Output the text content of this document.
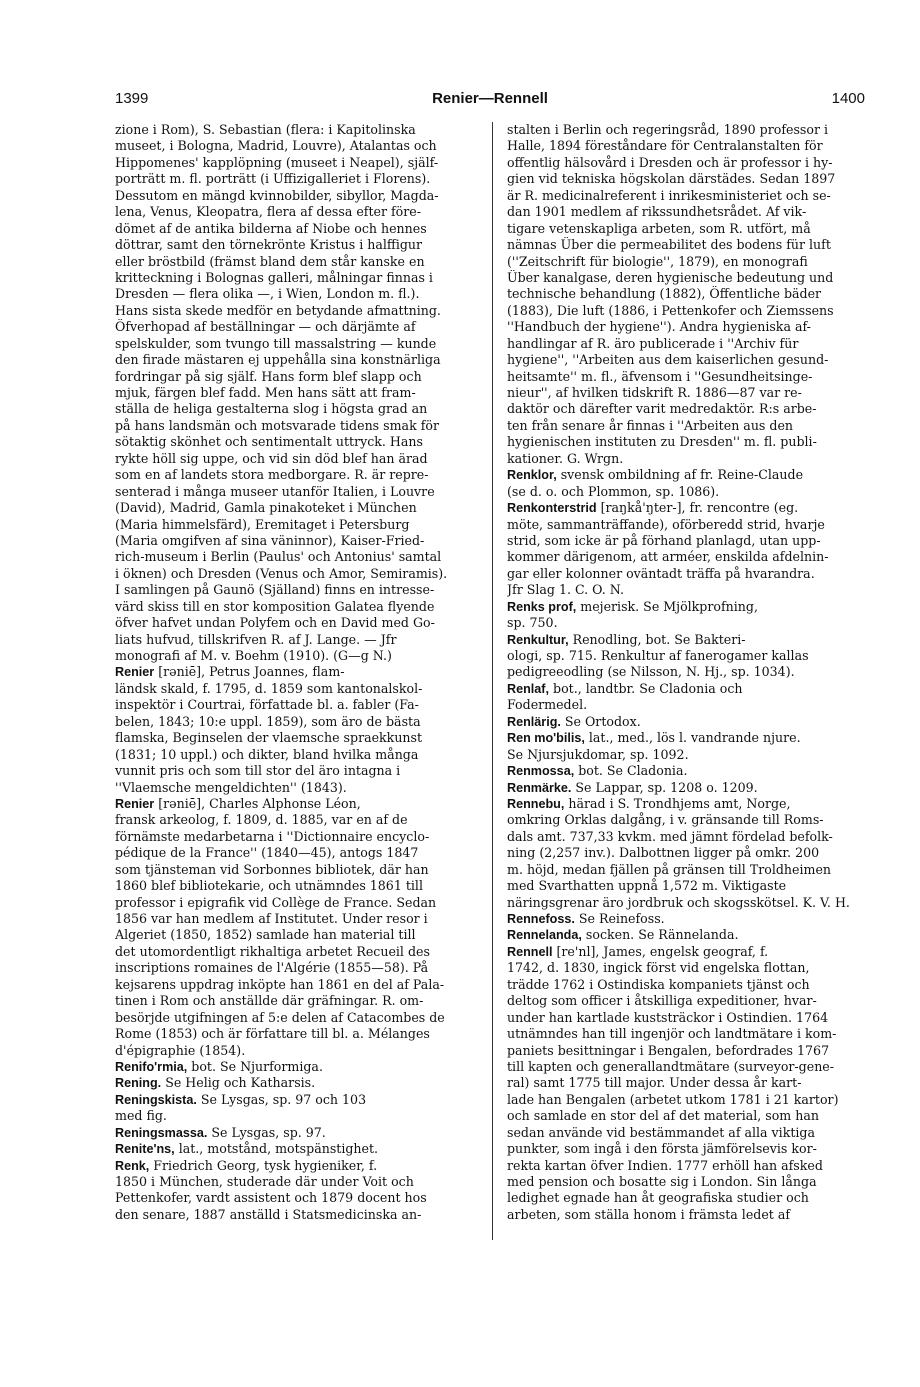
1399	Renier—Rennell	1400
zione i Rom), S. Sebastian (flera: i Kapitolinska
museet, i Bologna, Madrid, Louvre), Atalantas och
Hippomenes' kapplöpning (museet i Neapel), själf-
porträtt m. fl. porträtt (i Uffizigalleriet i Florens).
Dessutom en mängd kvinnobilder, sibyllor, Magda-
lena, Venus, Kleopatra, flera af dessa efter före-
dömet af de antika bilderna af Niobe och hennes
döttrar, samt den törnekrönte Kristus i halffigur
eller bröstbild (främst bland dem står kanske en
kritteckning i Bolognas galleri, målningar finnas i
Dresden — flera olika —, i Wien, London m. fl.).
Hans sista skede medför en betydande afmattning.
Öfverhopad af beställningar — och därjämte af
spelskulder, som tvungo till massalstring — kunde
den firade mästaren ej uppehålla sina konstnärliga
fordringar på sig själf. Hans form blef slapp och
mjuk, färgen blef fadd. Men hans sätt att fram-
ställa de heliga gestalterna slog i högsta grad an
på hans landsmän och motsvarade tidens smak för
sötaktig skönhet och sentimentalt uttryck. Hans
rykte höll sig uppe, och vid sin död blef han ärad
som en af landets stora medborgare. R. är repre-
senterad i många museer utanför Italien, i Louvre
(David), Madrid, Gamla pinakoteket i München
(Maria himmelsfärd), Eremitaget i Petersburg
(Maria omgifven af sina väninnor), Kaiser-Fried-
rich-museum i Berlin (Paulus' och Antonius' samtal
i öknen) och Dresden (Venus och Amor, Semiramis).
I samlingen på Gaunö (Själland) finns en intresse-
värd skiss till en stor komposition Galatea flyende
öfver hafvet undan Polyfem och en David med Go-
liats hufvud, tillskrifven R. af J. Lange. — Jfr
monografi af M. v. Boehm (1910). (G—g N.)
Renier [rəniē], Petrus Joannes, flam-
ländsk skald, f. 1795, d. 1859 som kantonalskol-
inspektör i Courtrai, författade bl. a. fabler (Fa-
belen, 1843; 10:e uppl. 1859), som äro de bästa
flamska, Beginselen der vlaemsche spraekkunst
(1831; 10 uppl.) och dikter, bland hvilka många
vunnit pris och som till stor del äro intagna i
''Vlaemsche mengeldichten'' (1843).
Renier [rəniē], Charles Alphonse Léon,
fransk arkeolog, f. 1809, d. 1885, var en af de
förnämste medarbetarna i ''Dictionnaire encyclo-
pédique de la France'' (1840—45), antogs 1847
som tjänsteman vid Sorbonnes bibliotek, där han
1860 blef bibliotekarie, och utnämndes 1861 till
professor i epigrafik vid Collège de France. Sedan
1856 var han medlem af Institutet. Under resor i
Algeriet (1850, 1852) samlade han material till
det utomordentligt rikhaltiga arbetet Recueil des
inscriptions romaines de l'Algérie (1855—58). På
kejsarens uppdrag inköpte han 1861 en del af Pala-
tinen i Rom och anställde där gräfningar. R. om-
besörjde utgifningen af 5:e delen af Catacombes de
Rome (1853) och är författare till bl. a. Mélanges
d'épigraphie (1854).
Renifo'rmia, bot. Se Njurformiga.
Rening. Se Helig och Katharsis.
Reningskista. Se Lysgas, sp. 97 och 103
med fig.
Reningsmassa. Se Lysgas, sp. 97.
Renite'ns, lat., motstånd, motspänstighet.
Renk, Friedrich Georg, tysk hygieniker, f.
1850 i München, studerade där under Voit och
Pettenkofer, vardt assistent och 1879 docent hos
den senare, 1887 anställd i Statsmedicinska an-
stalten i Berlin och regeringsråd, 1890 professor i
Halle, 1894 föreståndare för Centralanstalten för
offentlig hälsovård i Dresden och är professor i hy-
gien vid tekniska högskolan därstädes. Sedan 1897
är R. medicinalreferent i inrikesministeriet och se-
dan 1901 medlem af rikssundhetsrådet. Af vik-
tigare vetenskapliga arbeten, som R. utfört, må
nämnas Über die permeabilitet des bodens für luft
(''Zeitschrift für biologie'', 1879), en monografi
Über kanalgase, deren hygienische bedeutung und
technische behandlung (1882), Öffentliche bäder
(1883), Die luft (1886, i Pettenkofer och Ziemssens
''Handbuch der hygiene''). Andra hygieniska af-
handlingar af R. äro publicerade i ''Archiv für
hygiene'', ''Arbeiten aus dem kaiserlichen gesund-
heitsamte'' m. fl., äfvensom i ''Gesundheitsinge-
nieur'', af hvilken tidskrift R. 1886—87 var re-
daktör och därefter varit medredaktör. R:s arbe-
ten från senare år finnas i ''Arbeiten aus den
hygienischen instituten zu Dresden'' m. fl. publi-
kationer. G. Wrgn.
Renklor, svensk ombildning af fr. Reine-Claude
(se d. o. och Plommon, sp. 1086).
Renkonterstrid [raŋkå'ŋter-], fr. rencontre (eg.
möte, sammanträffande), oförberedd strid, hvarje
strid, som icke är på förhand planlagd, utan upp-
kommer därigenom, att arméer, enskilda afdelnin-
gar eller kolonner oväntadt träffa på hvarandra.
Jfr Slag 1. C. O. N.
Renks prof, mejerisk. Se Mjölkprofning,
sp. 750.
Renkultur, Renodling, bot. Se Bakteri-
ologi, sp. 715. Renkultur af fanerogamer kallas
pedigreeodling (se Nilsson, N. Hj., sp. 1034).
Renlaf, bot., landtbr. Se Cladonia och
Fodermedel.
Renlärig. Se Ortodox.
Ren mo'bilis, lat., med., lös l. vandrande njure.
Se Njursjukdomar, sp. 1092.
Renmossa, bot. Se Cladonia.
Renmärke. Se Lappar, sp. 1208 o. 1209.
Rennebu, härad i S. Trondhjems amt, Norge,
omkring Orklas dalgång, i v. gränsande till Roms-
dals amt. 737,33 kvkm. med jämnt fördelad befolk-
ning (2,257 inv.). Dalbottnen ligger på omkr. 200
m. höjd, medan fjällen på gränsen till Troldheimen
med Svarthatten uppnå 1,572 m. Viktigaste
näringsgrenar äro jordbruk och skogsskötsel. K. V. H.
Rennefoss. Se Reinefoss.
Rennelanda, socken. Se Rännelanda.
Rennell [re'nl], James, engelsk geograf, f.
1742, d. 1830, ingick först vid engelska flottan,
trädde 1762 i Ostindiska kompaniets tjänst och
deltog som officer i åtskilliga expeditioner, hvar-
under han kartlade kuststräckor i Ostindien. 1764
utnämndes han till ingenjör och landtmätare i kom-
paniets besittningar i Bengalen, befordrades 1767
till kapten och generallandtmätare (surveyor-gene-
ral) samt 1775 till major. Under dessa år kart-
lade han Bengalen (arbetet utkom 1781 i 21 kartor)
och samlade en stor del af det material, som han
sedan använde vid bestämmandet af alla viktiga
punkter, som ingå i den första jämförelsevis kor-
rekta kartan öfver Indien. 1777 erhöll han afsked
med pension och bosatte sig i London. Sin långa
ledighet egnade han åt geografiska studier och
arbeten, som ställa honom i främsta ledet af
